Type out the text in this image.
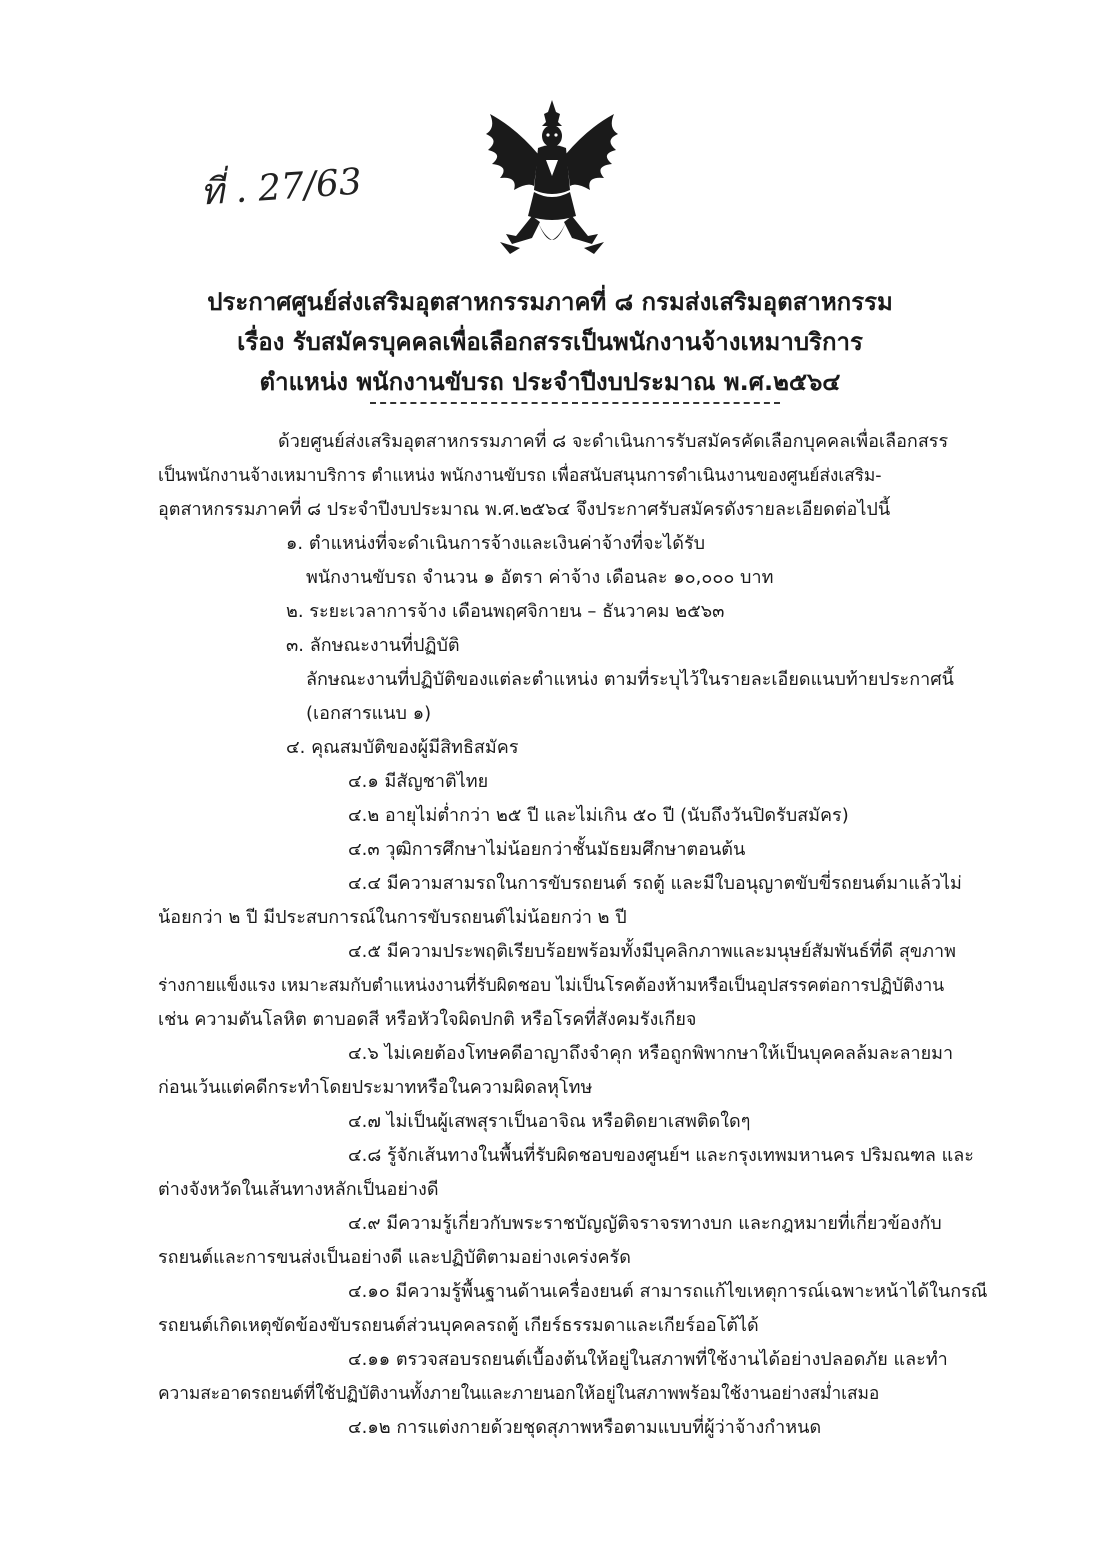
ที่ . 27/63
ประกาศศูนย์ส่งเสริมอุตสาหกรรมภาคที่ ๘ กรมส่งเสริมอุตสาหกรรม
เรื่อง รับสมัครบุคคลเพื่อเลือกสรรเป็นพนักงานจ้างเหมาบริการ
ตำแหน่ง พนักงานขับรถ ประจำปีงบประมาณ พ.ศ.๒๕๖๔

ด้วยศูนย์ส่งเสริมอุตสาหกรรมภาคที่ ๘ จะดำเนินการรับสมัครคัดเลือกบุคคลเพื่อเลือกสรร

เป็นพนักงานจ้างเหมาบริการ ตำแหน่ง พนักงานขับรถ เพื่อสนับสนุนการดำเนินงานของศูนย์ส่งเสริม-

อุตสาหกรรมภาคที่ ๘ ประจำปีงบประมาณ พ.ศ.๒๕๖๔ จึงประกาศรับสมัครดังรายละเอียดต่อไปนี้

๑. ตำแหน่งที่จะดำเนินการจ้างและเงินค่าจ้างที่จะได้รับ

พนักงานขับรถ จำนวน ๑ อัตรา ค่าจ้าง เดือนละ ๑๐,๐๐๐ บาท

๒. ระยะเวลาการจ้าง เดือนพฤศจิกายน – ธันวาคม ๒๕๖๓

๓. ลักษณะงานที่ปฏิบัติ

ลักษณะงานที่ปฏิบัติของแต่ละตำแหน่ง ตามที่ระบุไว้ในรายละเอียดแนบท้ายประกาศนี้

(เอกสารแนบ ๑)

๔. คุณสมบัติของผู้มีสิทธิสมัคร

๔.๑ มีสัญชาติไทย

๔.๒ อายุไม่ต่ำกว่า ๒๕ ปี และไม่เกิน ๕๐ ปี (นับถึงวันปิดรับสมัคร)

๔.๓ วุฒิการศึกษาไม่น้อยกว่าชั้นมัธยมศึกษาตอนต้น

๔.๔ มีความสามรถในการขับรถยนต์ รถตู้ และมีใบอนุญาตขับขี่รถยนต์มาแล้วไม่

น้อยกว่า ๒ ปี มีประสบการณ์ในการขับรถยนต์ไม่น้อยกว่า ๒ ปี

๔.๕ มีความประพฤติเรียบร้อยพร้อมทั้งมีบุคลิกภาพและมนุษย์สัมพันธ์ที่ดี สุขภาพ

ร่างกายแข็งแรง เหมาะสมกับตำแหน่งงานที่รับผิดชอบ ไม่เป็นโรคต้องห้ามหรือเป็นอุปสรรคต่อการปฏิบัติงาน

เช่น ความดันโลหิต ตาบอดสี หรือหัวใจผิดปกติ หรือโรคที่สังคมรังเกียจ

๔.๖ ไม่เคยต้องโทษคดีอาญาถึงจำคุก หรือถูกพิพากษาให้เป็นบุคคลล้มละลายมา

ก่อนเว้นแต่คดีกระทำโดยประมาทหรือในความผิดลหุโทษ

๔.๗ ไม่เป็นผู้เสพสุราเป็นอาจิณ หรือติดยาเสพติดใดๆ

๔.๘ รู้จักเส้นทางในพื้นที่รับผิดชอบของศูนย์ฯ และกรุงเทพมหานคร ปริมณฑล และ

ต่างจังหวัดในเส้นทางหลักเป็นอย่างดี

๔.๙ มีความรู้เกี่ยวกับพระราชบัญญัติจราจรทางบก และกฎหมายที่เกี่ยวข้องกับ

รถยนต์และการขนส่งเป็นอย่างดี และปฏิบัติตามอย่างเคร่งครัด

๔.๑๐ มีความรู้พื้นฐานด้านเครื่องยนต์ สามารถแก้ไขเหตุการณ์เฉพาะหน้าได้ในกรณี

รถยนต์เกิดเหตุขัดข้องขับรถยนต์ส่วนบุคคลรถตู้ เกียร์ธรรมดาและเกียร์ออโต้ได้

๔.๑๑ ตรวจสอบรถยนต์เบื้องต้นให้อยู่ในสภาพที่ใช้งานได้อย่างปลอดภัย และทำ

ความสะอาดรถยนต์ที่ใช้ปฏิบัติงานทั้งภายในและภายนอกให้อยู่ในสภาพพร้อมใช้งานอย่างสม่ำเสมอ

๔.๑๒ การแต่งกายด้วยชุดสุภาพหรือตามแบบที่ผู้ว่าจ้างกำหนด
